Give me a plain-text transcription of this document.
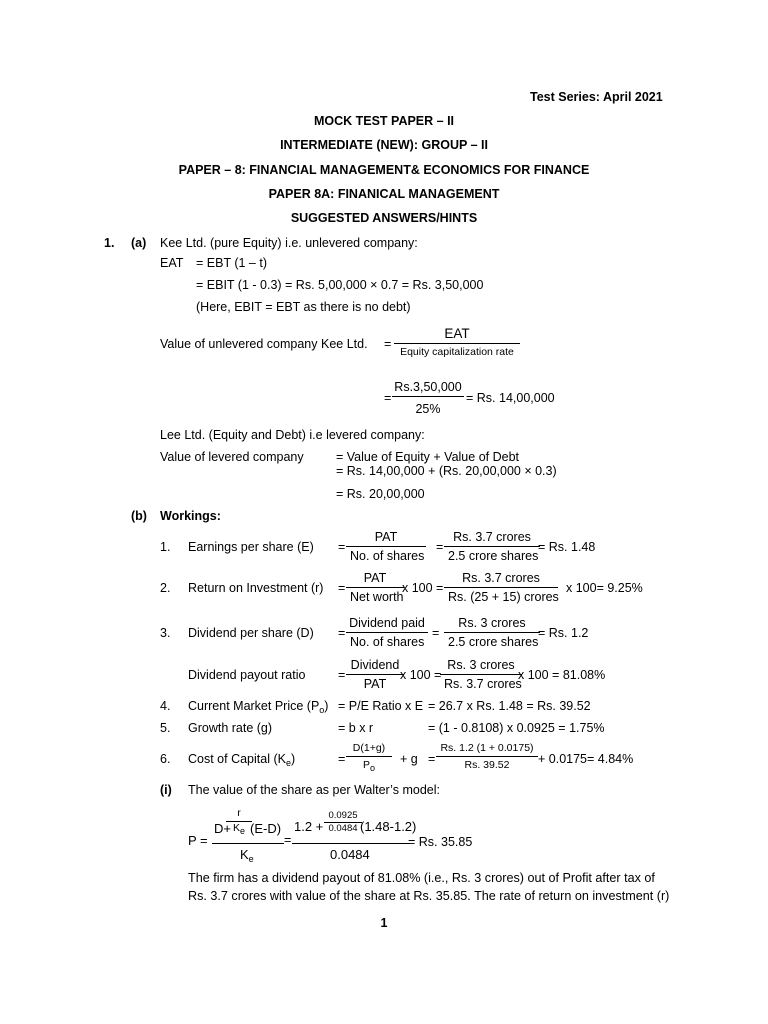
Test Series: April 2021
MOCK TEST PAPER – II
INTERMEDIATE (NEW): GROUP – II
PAPER – 8: FINANCIAL MANAGEMENT& ECONOMICS FOR FINANCE
PAPER 8A: FINANICAL MANAGEMENT
SUGGESTED ANSWERS/HINTS
1. (a) Kee Ltd. (pure Equity) i.e. unlevered company:
EAT = EBT (1 – t)
= EBIT (1 - 0.3) = Rs. 5,00,000 × 0.7 = Rs. 3,50,000
(Here, EBIT = EBT as there is no debt)
Value of unlevered company Kee Ltd. =
EAT
Equity capitalization rate
= $\frac{Rs.3,50,000}{25\%} = Rs$. 14,00,000
Lee Ltd. (Equity and Debt) i.e levered company:
Value of levered company	= Value of Equity + Value of Debt
= Rs. 14,00,000 + (Rs. 20,00,000 × 0.3)
= Rs. 20,00,000
(b) Workings:
1. Earnings per share (E) =
PAT
No. of shares
=
Rs. 3.7 crores
2.5 crore shares
= Rs. 1.48
2. Return on Investment (r) =
PAT
Net worth
x 100 =
Rs. 3.7 crores
Rs. (25 + 15) crores
x 100= 9.25%
3. Dividend per share (D) =
Dividend paid
No. of shares
=
Rs. 3 crores
2.5 crore shares
= Rs. 1.2
Dividend payout ratio	=
Dividend
PAT
x 100 =
Rs. 3 crores
Rs. 3.7 crores
x 100 = 81.08%
4. Current Market Price $(P_o) = P/E$ Ratio x E = 26.7 x Rs. 1.48 = Rs. 39.52
5. Growth rate (g)	= b x r	= (1 - 0.8108) x 0.0925 = 1.75%
6. Cost of Capital $(K_e)$	= $\frac{D(1+g)}{P_o} + g = \frac{Rs. 1.2 (1 + 0.0175)}{Rs. 39.52} + 0.0175= 4.84\%$
(i) The value of the share as per Walter’s model:
P =
D+
$\frac{r}{K_e} (E-D)$
$K_e$
=
$1.2 + \frac{0.0925}{0.0484} (1.48-1.2)$
0.0484
= Rs. 35.85
The firm has a dividend payout of 81.08% (i.e., Rs. 3 crores) out of Profit after tax of
Rs. 3.7 crores with value of the share at Rs. 35.85. The rate of return on investment (r)
1
